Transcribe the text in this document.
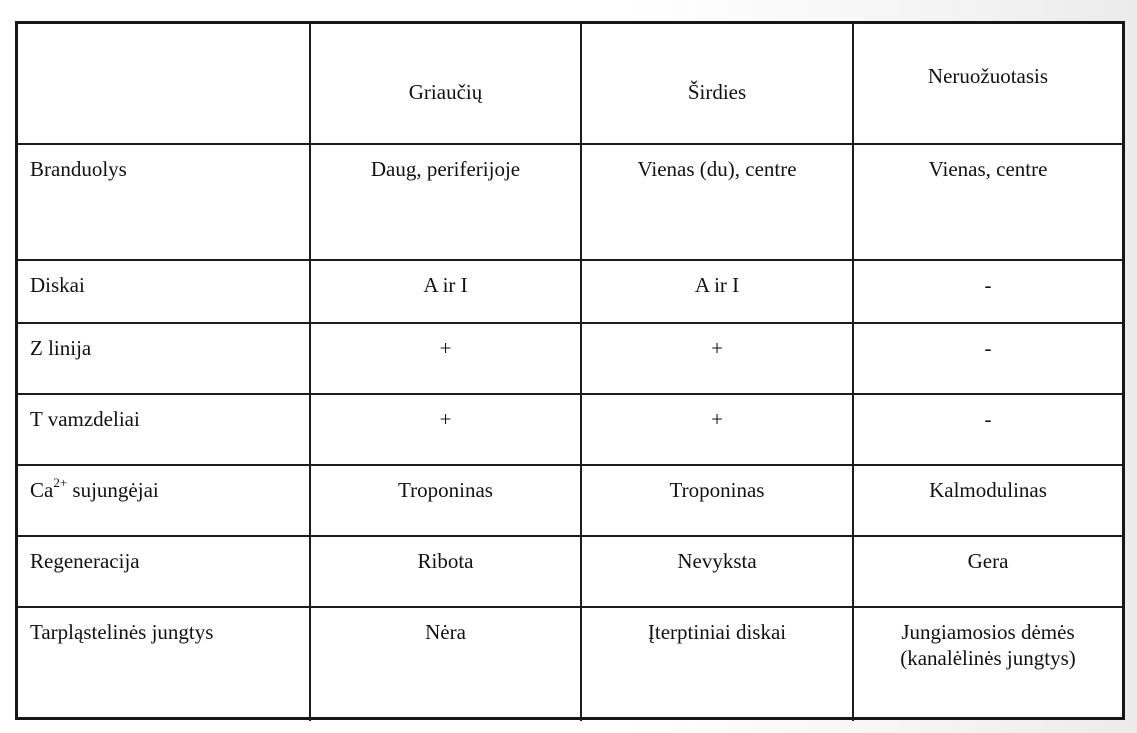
	Griaučių	Širdies	Neruožuotasis

Branduolys	Daug, periferijoje	Vienas (du), centre	Vienas, centre

Diskai	A ir I	A ir I	-

Z linija	+	+	-

T vamzdeliai	+	+	-

$Ca^{2+}$ sujungėjai	Troponinas	Troponinas	Kalmodulinas

Regeneracija	Ribota	Nevyksta	Gera

Tarpląstelinės jungtys	Nėra	Įterptiniai diskai	Jungiamosios dėmės
(kanalėlinės jungtys)
